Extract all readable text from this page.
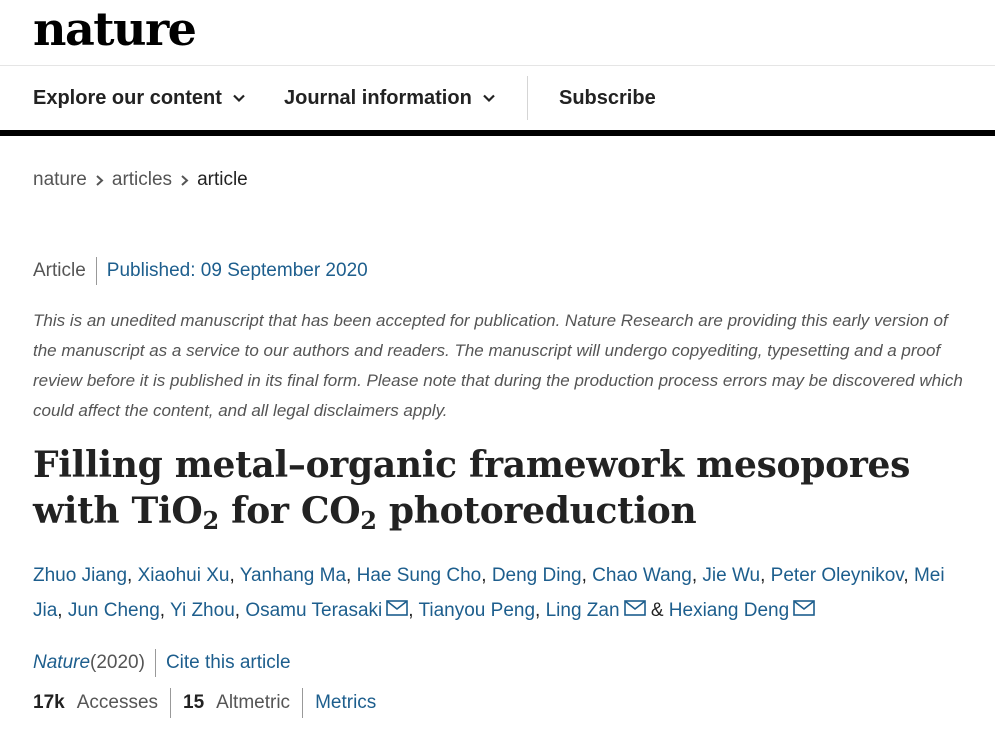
nature
Explore our content	Journal information	Subscribe
nature articles article
Article	Published: 09 September 2020

This is an unedited manuscript that has been accepted for publication. Nature Research are providing this early version of the manuscript as a service to our authors and readers. The manuscript will undergo copyediting, typesetting and a proof review before it is published in its final form. Please note that during the production process errors may be discovered which could affect the content, and all legal disclaimers apply.

Filling metal–organic framework mesopores with TiO$_2$ for $CO_2$ photoreduction
Zhuo Jiang, Xiaohui Xu, Yanhang Ma, Hae Sung Cho, Deng Ding, Chao Wang, Jie Wu, Peter Oleynikov, Mei Jia, Jun Cheng, Yi Zhou, Osamu Terasaki , Tianyou Peng, Ling Zan & Hexiang Deng
Nature (2020)	Cite this article
17k Accesses 15 Altmetric Metrics
